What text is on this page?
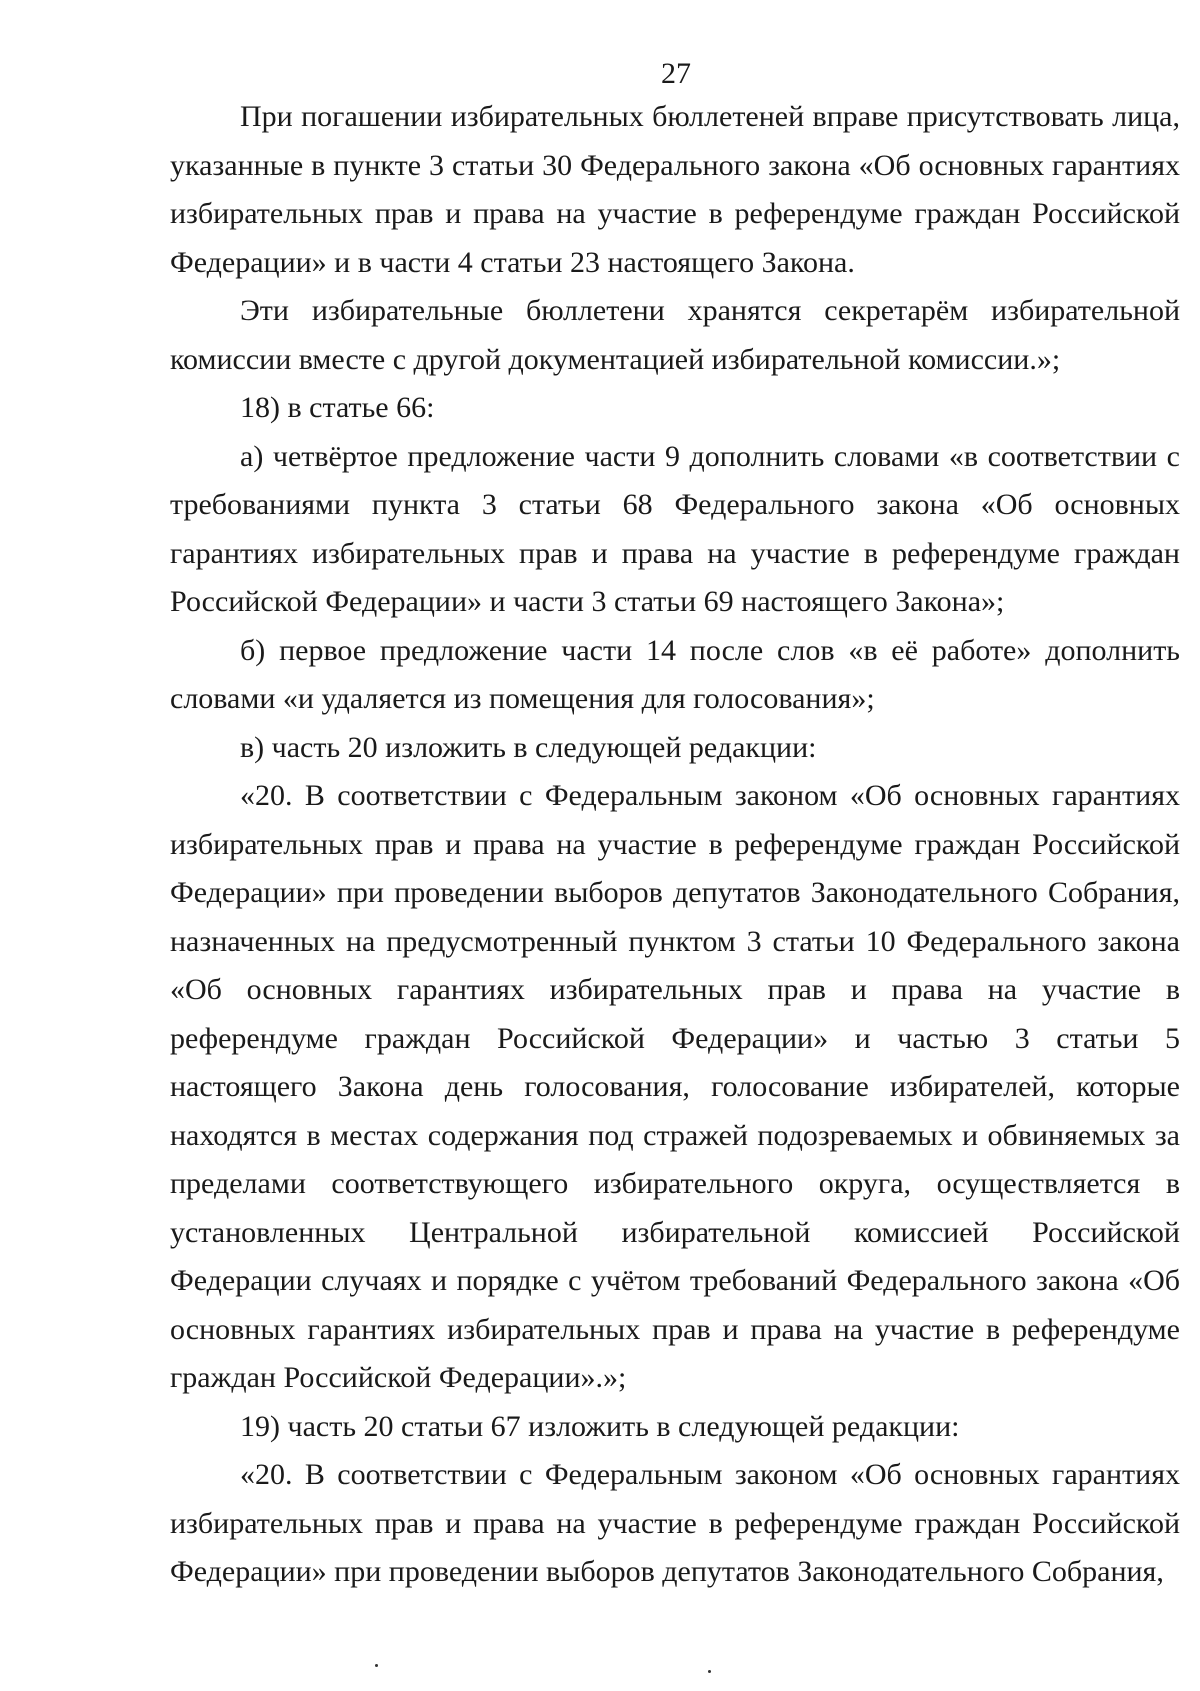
27

При погашении избирательных бюллетеней вправе присутствовать лица, указанные в пункте 3 статьи 30 Федерального закона «Об основных гарантиях избирательных прав и права на участие в референдуме граждан Российской Федерации» и в части 4 статьи 23 настоящего Закона.

Эти избирательные бюллетени хранятся секретарём избирательной комиссии вместе с другой документацией избирательной комиссии.»;

18) в статье 66:

а) четвёртое предложение части 9 дополнить словами «в соответствии с требованиями пункта 3 статьи 68 Федерального закона «Об основных гарантиях избирательных прав и права на участие в референдуме граждан Российской Федерации» и части 3 статьи 69 настоящего Закона»;

б) первое предложение части 14 после слов «в её работе» дополнить словами «и удаляется из помещения для голосования»;

в) часть 20 изложить в следующей редакции:

«20. В соответствии с Федеральным законом «Об основных гарантиях избирательных прав и права на участие в референдуме граждан Российской Федерации» при проведении выборов депутатов Законодательного Собрания, назначенных на предусмотренный пунктом 3 статьи 10 Федерального закона «Об основных гарантиях избирательных прав и права на участие в референдуме граждан Российской Федерации» и частью 3 статьи 5 настоящего Закона день голосования, голосование избирателей, которые находятся в местах содержания под стражей подозреваемых и обвиняемых за пределами соответствующего избирательного округа, осуществляется в установленных Центральной избирательной комиссией Российской Федерации случаях и порядке с учётом требований Федерального закона «Об основных гарантиях избирательных прав и права на участие в референдуме граждан Российской Федерации».»;

19) часть 20 статьи 67 изложить в следующей редакции:

«20. В соответствии с Федеральным законом «Об основных гарантиях избирательных прав и права на участие в референдуме граждан Российской Федерации» при проведении выборов депутатов Законодательного Собрания,
